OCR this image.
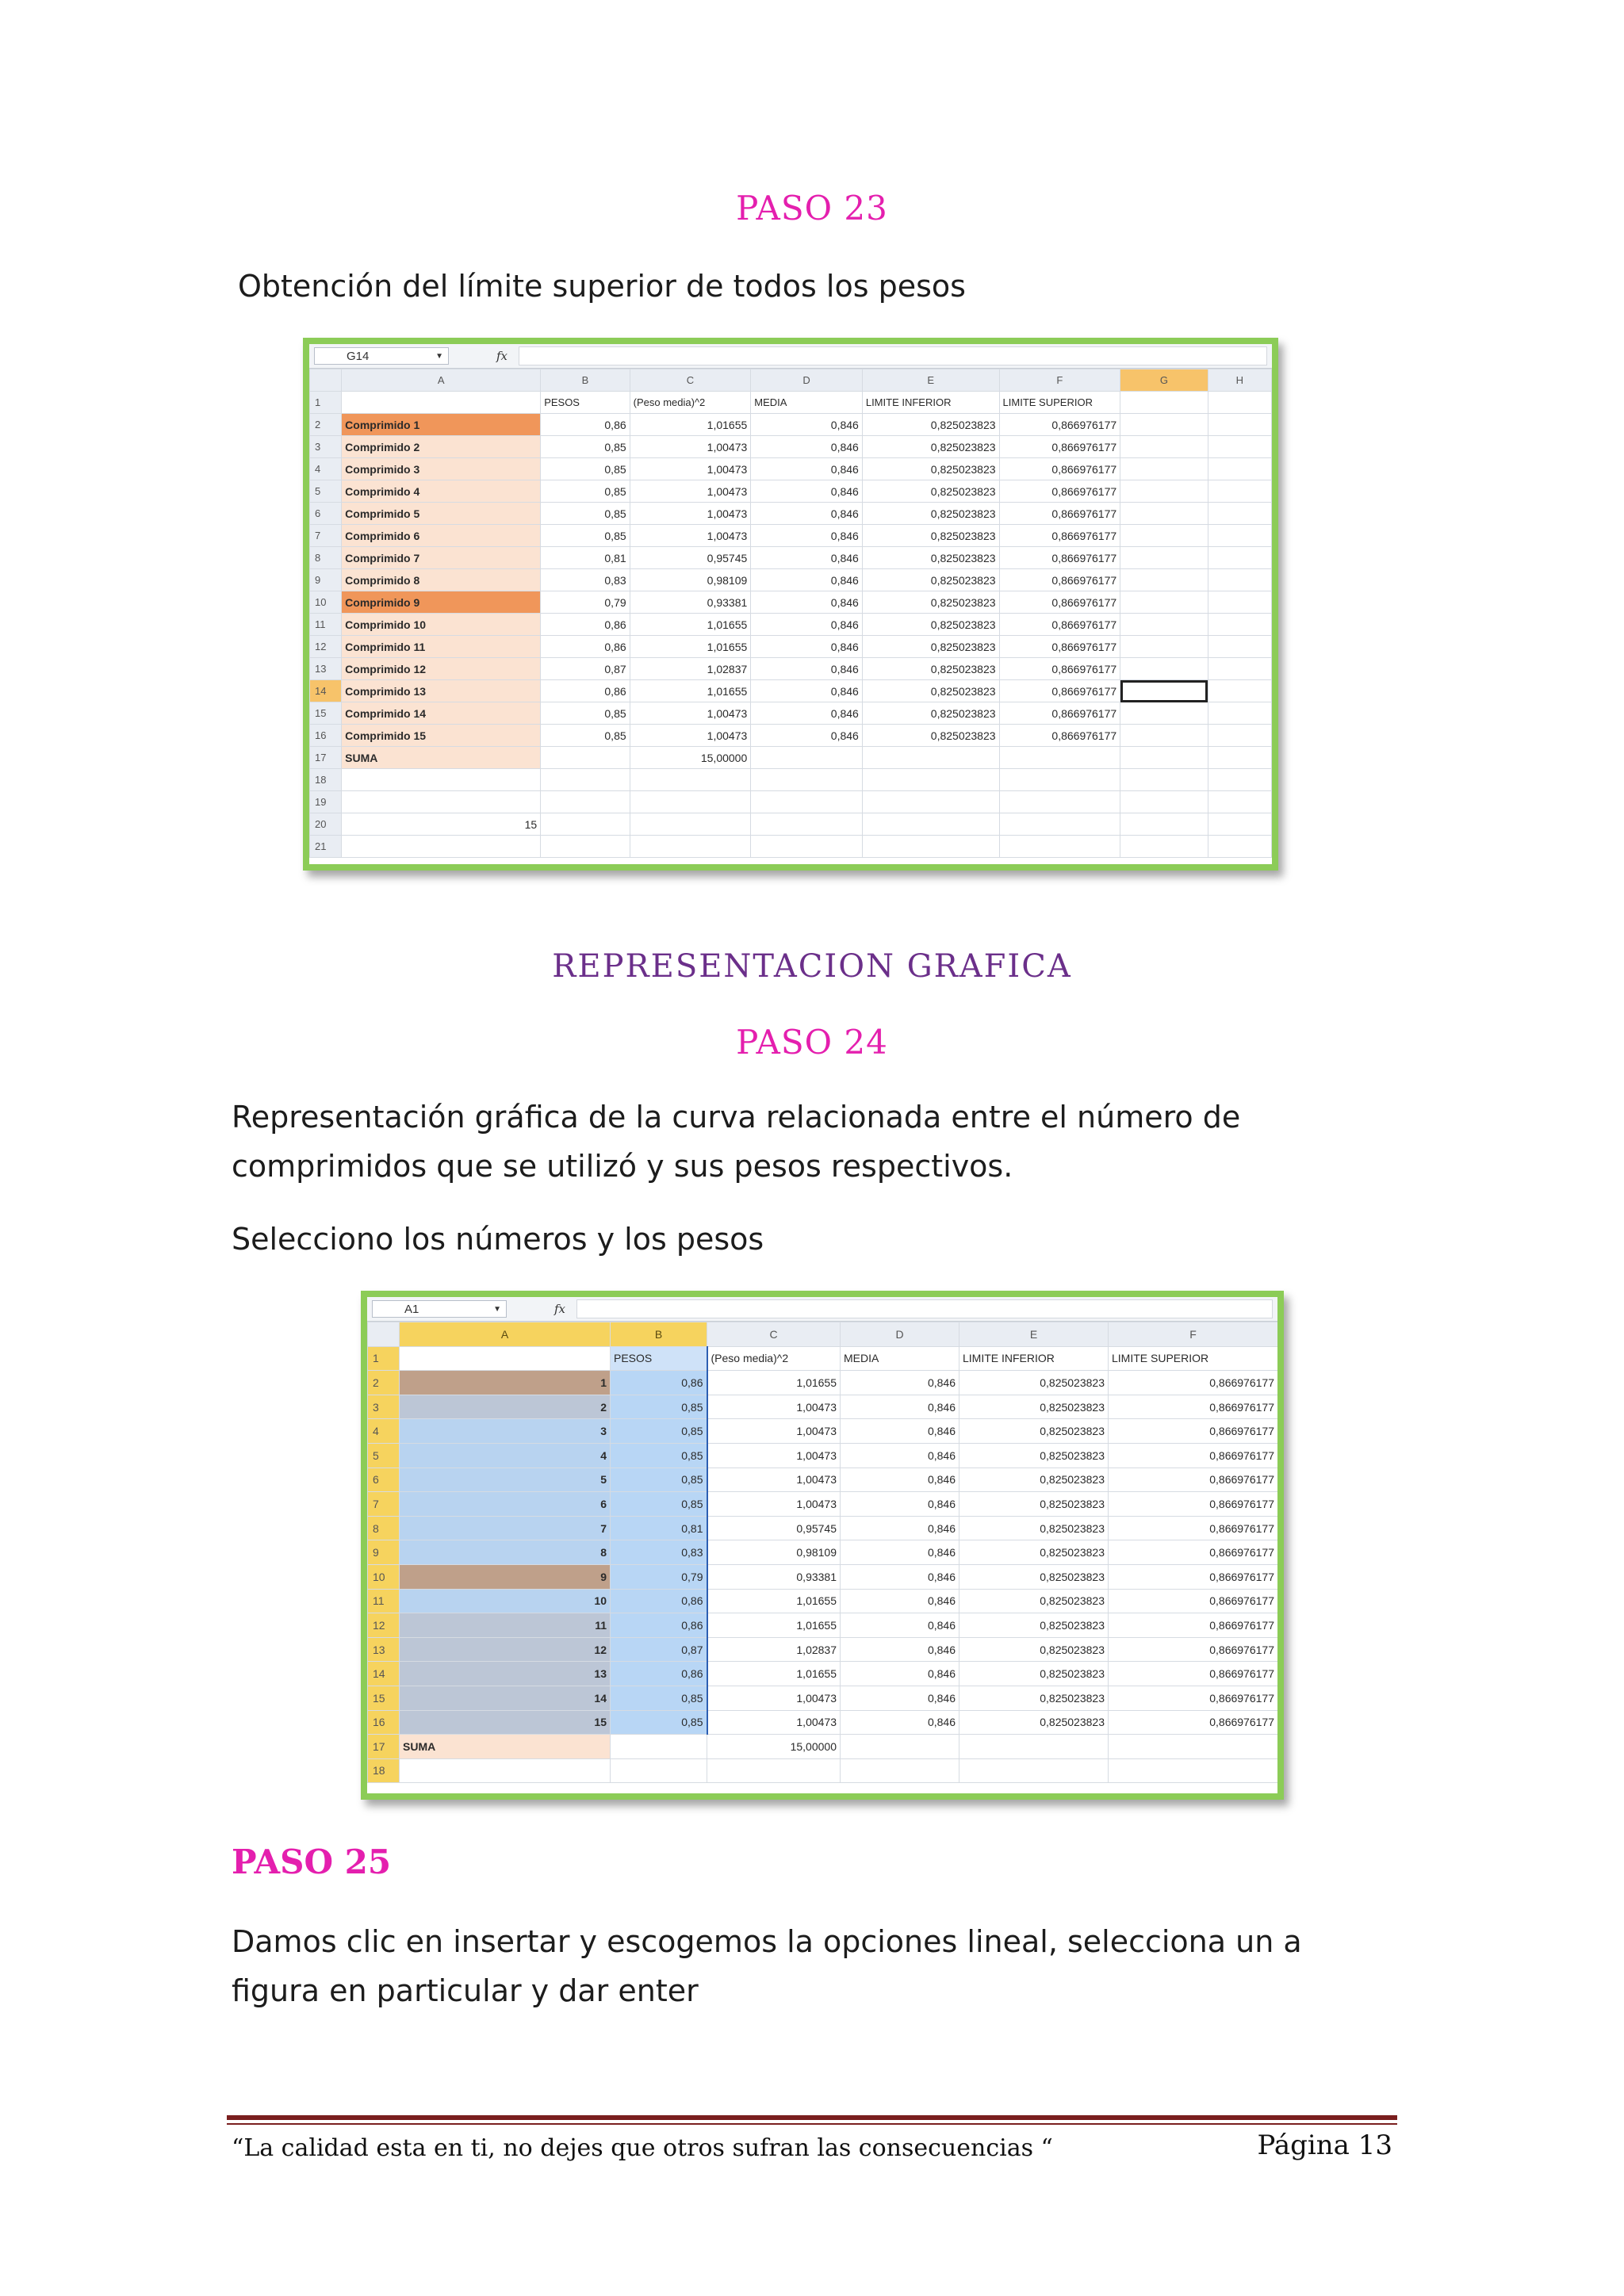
PASO 23
Obtención del límite superior de todos los pesos
G14	▼	fx
	A	B	C	D	E	F	G	H
1		PESOS	(Peso media)^2	MEDIA	LIMITE INFERIOR	LIMITE SUPERIOR		
2	Comprimido 1	0,86	1,01655	0,846	0,825023823	0,866976177		
3	Comprimido 2	0,85	1,00473	0,846	0,825023823	0,866976177		
4	Comprimido 3	0,85	1,00473	0,846	0,825023823	0,866976177		
5	Comprimido 4	0,85	1,00473	0,846	0,825023823	0,866976177		
6	Comprimido 5	0,85	1,00473	0,846	0,825023823	0,866976177		
7	Comprimido 6	0,85	1,00473	0,846	0,825023823	0,866976177		
8	Comprimido 7	0,81	0,95745	0,846	0,825023823	0,866976177		
9	Comprimido 8	0,83	0,98109	0,846	0,825023823	0,866976177		
10	Comprimido 9	0,79	0,93381	0,846	0,825023823	0,866976177		
11	Comprimido 10	0,86	1,01655	0,846	0,825023823	0,866976177		
12	Comprimido 11	0,86	1,01655	0,846	0,825023823	0,866976177		
13	Comprimido 12	0,87	1,02837	0,846	0,825023823	0,866976177		
14	Comprimido 13	0,86	1,01655	0,846	0,825023823	0,866976177		
15	Comprimido 14	0,85	1,00473	0,846	0,825023823	0,866976177		
16	Comprimido 15	0,85	1,00473	0,846	0,825023823	0,866976177		
17	SUMA		15,00000					
18								
19								
20	15							
21								
REPRESENTACION GRAFICA
PASO 24
Representación gráfica de la curva relacionada entre el número de comprimidos que se utilizó y sus pesos respectivos.
Selecciono los números y los pesos
A1	▼	fx
	A	B	C	D	E	F
1		PESOS	(Peso media)^2	MEDIA	LIMITE INFERIOR	LIMITE SUPERIOR
2	1	0,86	1,01655	0,846	0,825023823	0,866976177
3	2	0,85	1,00473	0,846	0,825023823	0,866976177
4	3	0,85	1,00473	0,846	0,825023823	0,866976177
5	4	0,85	1,00473	0,846	0,825023823	0,866976177
6	5	0,85	1,00473	0,846	0,825023823	0,866976177
7	6	0,85	1,00473	0,846	0,825023823	0,866976177
8	7	0,81	0,95745	0,846	0,825023823	0,866976177
9	8	0,83	0,98109	0,846	0,825023823	0,866976177
10	9	0,79	0,93381	0,846	0,825023823	0,866976177
11	10	0,86	1,01655	0,846	0,825023823	0,866976177
12	11	0,86	1,01655	0,846	0,825023823	0,866976177
13	12	0,87	1,02837	0,846	0,825023823	0,866976177
14	13	0,86	1,01655	0,846	0,825023823	0,866976177
15	14	0,85	1,00473	0,846	0,825023823	0,866976177
16	15	0,85	1,00473	0,846	0,825023823	0,866976177
17	SUMA		15,00000			
18						
PASO 25
Damos clic en insertar y escogemos la opciones lineal, selecciona un a figura en particular y dar enter
“La calidad esta en ti, no dejes que otros sufran las consecuencias “	Página 13
